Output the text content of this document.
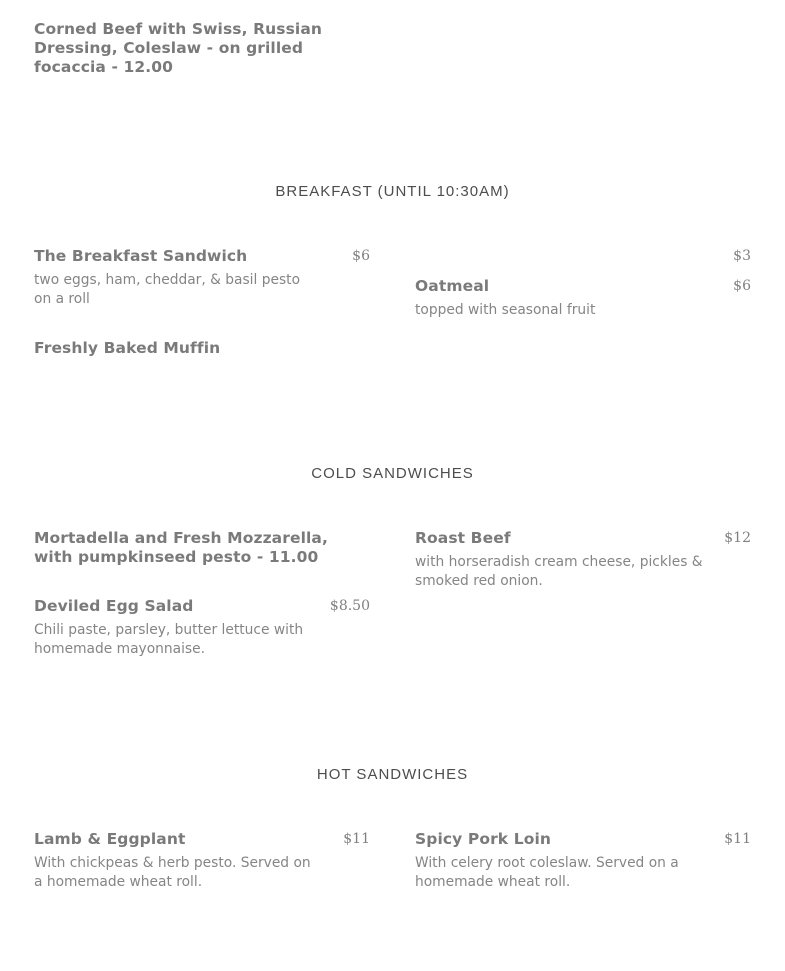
Corned Beef with Swiss, Russian Dressing, Coleslaw - on grilled focaccia - 12.00
BREAKFAST (UNTIL 10:30AM)
The Breakfast Sandwich	$6
two eggs, ham, cheddar, & basil pesto on a roll
Freshly Baked Muffin
$3
Oatmeal	$6
topped with seasonal fruit
COLD SANDWICHES
Mortadella and Fresh Mozzarella, with pumpkinseed pesto - 11.00
Deviled Egg Salad	$8.50
Chili paste, parsley, butter lettuce with homemade mayonnaise.
Roast Beef	$12
with horseradish cream cheese, pickles & smoked red onion.
HOT SANDWICHES
Lamb & Eggplant	$11
With chickpeas & herb pesto. Served on a homemade wheat roll.
Spicy Pork Loin	$11
With celery root coleslaw. Served on a homemade wheat roll.
